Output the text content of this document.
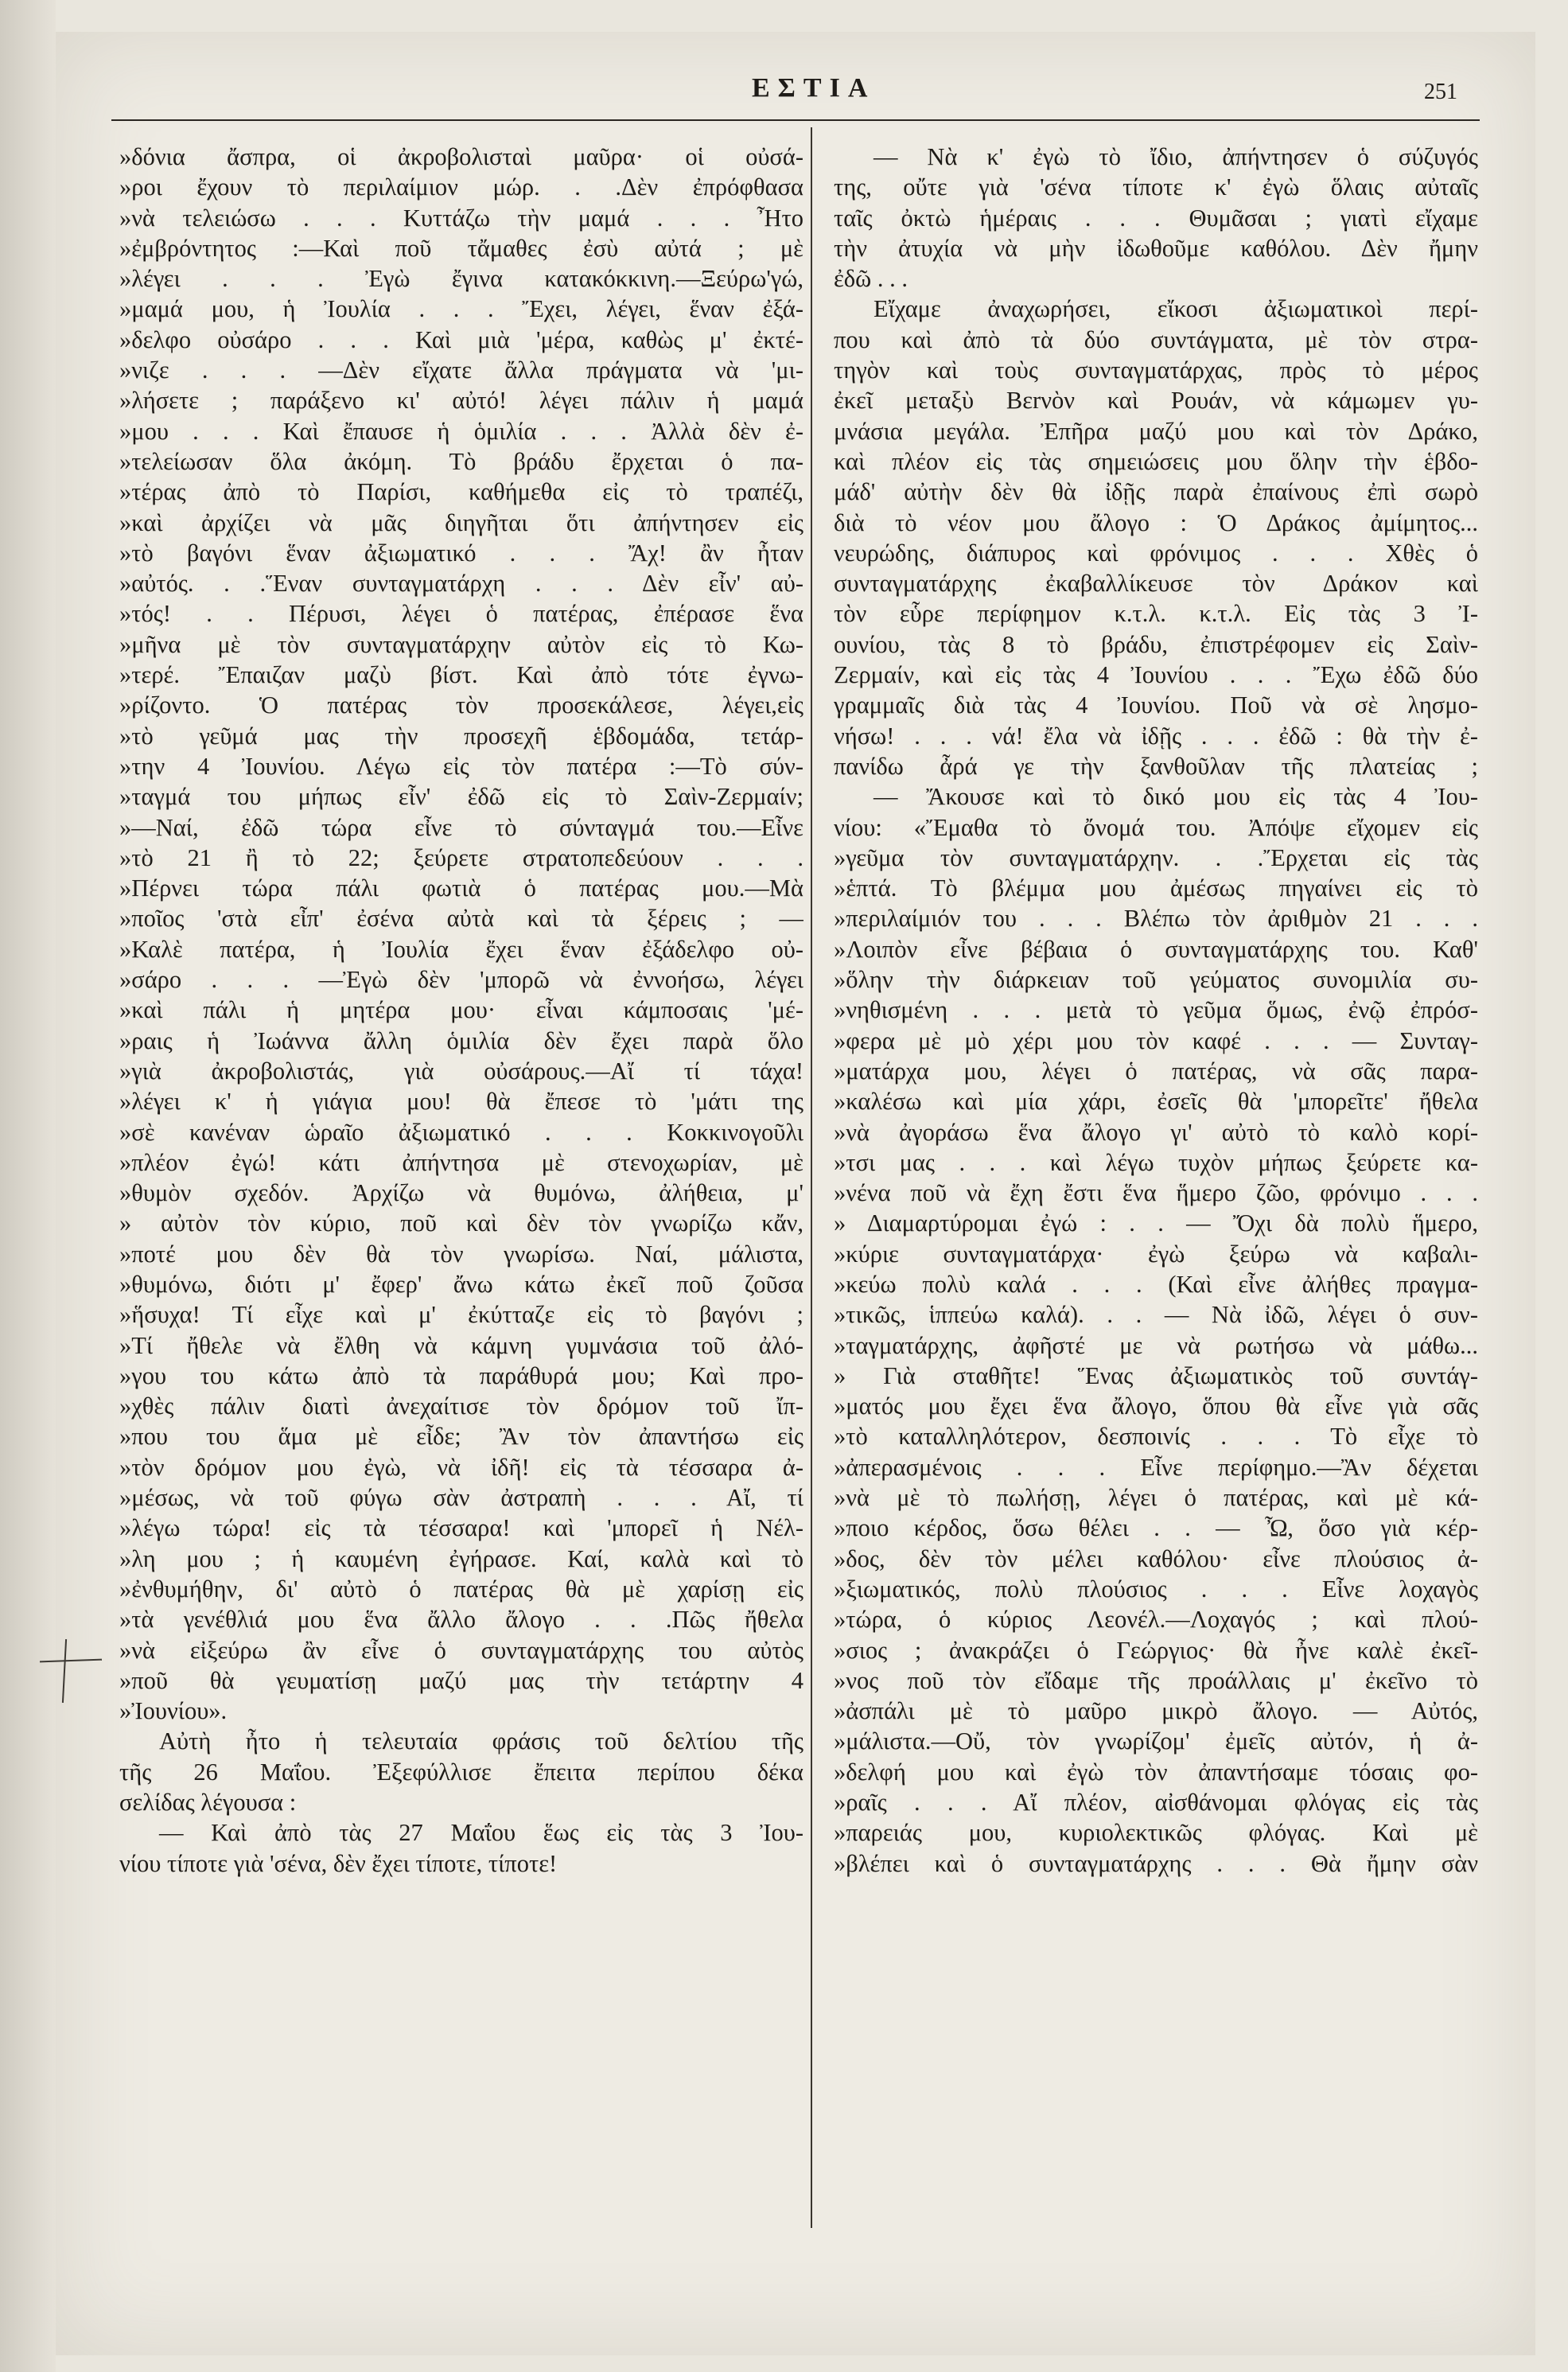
ΕΣΤΙΑ	251
»δόνια ἄσπρα, οἱ ἀκροβολισταὶ μαῦρα· οἱ οὐσά-
»ροι ἔχουν τὸ περιλαίμιον μώρ. . .Δὲν ἐπρόφθασα
»νὰ τελειώσω . . . Κυττάζω τὴν μαμά . . . Ἦτο
»ἐμβρόντητος :—Καὶ ποῦ τἄμαθες ἐσὺ αὐτά ; μὲ
»λέγει . . . Ἐγὼ ἔγινα κατακόκκινη.—Ξεύρω'γώ,
»μαμά μου, ἡ Ἰουλία . . . Ἔχει, λέγει, ἕναν ἐξά-
»δελφο οὐσάρο . . . Καὶ μιὰ 'μέρα, καθὼς μ' ἐκτέ-
»νιζε . . . —Δὲν εἴχατε ἄλλα πράγματα νὰ 'μι-
»λήσετε ; παράξενο κι' αὐτό! λέγει πάλιν ἡ μαμά
»μου . . . Καὶ ἔπαυσε ἡ ὁμιλία . . . Ἀλλὰ δὲν ἐ-
»τελείωσαν ὅλα ἀκόμη. Τὸ βράδυ ἔρχεται ὁ πα-
»τέρας ἀπὸ τὸ Παρίσι, καθήμεθα εἰς τὸ τραπέζι,
»καὶ ἀρχίζει νὰ μᾶς διηγῆται ὅτι ἀπήντησεν εἰς
»τὸ βαγόνι ἕναν ἀξιωματικό . . . Ἄχ! ἂν ἦταν
»αὐτός. . .Ἕναν συνταγματάρχη . . . Δὲν εἶν' αὐ-
»τός! . . Πέρυσι, λέγει ὁ πατέρας, ἐπέρασε ἕνα
»μῆνα μὲ τὸν συνταγματάρχην αὐτὸν εἰς τὸ Κω-
»τερέ. Ἔπαιζαν μαζὺ βίστ. Καὶ ἀπὸ τότε ἐγνω-
»ρίζοντο. Ὁ πατέρας τὸν προσεκάλεσε, λέγει,εἰς
»τὸ γεῦμά μας τὴν προσεχῆ ἑβδομάδα, τετάρ-
»την 4 Ἰουνίου. Λέγω εἰς τὸν πατέρα :—Τὸ σύν-
»ταγμά του μήπως εἶν' ἐδῶ εἰς τὸ Σαὶν-Ζερμαίν;
»—Ναί, ἐδῶ τώρα εἶνε τὸ σύνταγμά του.—Εἶνε
»τὸ 21 ἢ τὸ 22; ξεύρετε στρατοπεδεύουν . . .
»Πέρνει τώρα πάλι φωτιὰ ὁ πατέρας μου.—Μὰ
»ποῖος 'στὰ εἶπ' ἐσένα αὐτὰ καὶ τὰ ξέρεις ; —
»Καλὲ πατέρα, ἡ Ἰουλία ἔχει ἕναν ἐξάδελφο οὐ-
»σάρο . . . —Ἐγὼ δὲν 'μπορῶ νὰ ἐννοήσω, λέγει
»καὶ πάλι ἡ μητέρα μου· εἶναι κάμποσαις 'μέ-
»ραις ἡ Ἰωάννα ἄλλη ὁμιλία δὲν ἔχει παρὰ ὅλο
»γιὰ ἀκροβολιστάς, γιὰ οὐσάρους.—Αἴ τί τάχα!
»λέγει κ' ἡ γιάγια μου! θὰ ἔπεσε τὸ 'μάτι της
»σὲ κανέναν ὡραῖο ἀξιωματικό . . . Κοκκινογοῦλι
»πλέον ἐγώ! κάτι ἀπήντησα μὲ στενοχωρίαν, μὲ
»θυμὸν σχεδόν. Ἀρχίζω νὰ θυμόνω, ἀλήθεια, μ'
» αὐτὸν τὸν κύριο, ποῦ καὶ δὲν τὸν γνωρίζω κἄν,
»ποτέ μου δὲν θὰ τὸν γνωρίσω. Ναί, μάλιστα,
»θυμόνω, διότι μ' ἔφερ' ἄνω κάτω ἐκεῖ ποῦ ζοῦσα
»ἥσυχα! Τί εἶχε καὶ μ' ἐκύτταζε εἰς τὸ βαγόνι ;
»Τί ἤθελε νὰ ἔλθη νὰ κάμνη γυμνάσια τοῦ ἀλό-
»γου του κάτω ἀπὸ τὰ παράθυρά μου; Καὶ προ-
»χθὲς πάλιν διατὶ ἀνεχαίτισε τὸν δρόμον τοῦ ἴπ-
»που του ἅμα μὲ εἶδε; Ἂν τὸν ἀπαντήσω εἰς
»τὸν δρόμον μου ἐγὼ, νὰ ἰδῆ! εἰς τὰ τέσσαρα ἀ-
»μέσως, νὰ τοῦ φύγω σὰν ἀστραπὴ . . . Αἴ, τί
»λέγω τώρα! εἰς τὰ τέσσαρα! καὶ 'μπορεῖ ἡ Νέλ-
»λη μου ; ἡ καυμένη ἐγήρασε. Καί, καλὰ καὶ τὸ
»ἐνθυμήθην, δι' αὐτὸ ὁ πατέρας θὰ μὲ χαρίσῃ εἰς
»τὰ γενέθλιά μου ἕνα ἄλλο ἄλογο . . .Πῶς ἤθελα
»νὰ εἰξεύρω ἂν εἶνε ὁ συνταγματάρχης του αὐτὸς
»ποῦ θὰ γευματίσῃ μαζύ μας τὴν τετάρτην 4
»Ἰουνίου».
Αὐτὴ ἦτο ἡ τελευταία φράσις τοῦ δελτίου τῆς
τῆς 26 Μαΐου. Ἐξεφύλλισε ἔπειτα περίπου δέκα
σελίδας λέγουσα :
— Καὶ ἀπὸ τὰς 27 Μαΐου ἕως εἰς τὰς 3 Ἰου-
νίου τίποτε γιὰ 'σένα, δὲν ἔχει τίποτε, τίποτε!
— Νὰ κ' ἐγὼ τὸ ἴδιο, ἀπήντησεν ὁ σύζυγός
της, οὔτε γιὰ 'σένα τίποτε κ' ἐγὼ ὅλαις αὐταῖς
ταῖς ὀκτὼ ἡμέραις . . . Θυμᾶσαι ; γιατὶ εἴχαμε
τὴν ἀτυχία νὰ μὴν ἰδωθοῦμε καθόλου. Δὲν ἤμην
ἐδῶ . . .
Εἴχαμε ἀναχωρήσει, εἴκοσι ἀξιωματικοὶ περί-
που καὶ ἀπὸ τὰ δύο συντάγματα, μὲ τὸν στρα-
τηγὸν καὶ τοὺς συνταγματάρχας, πρὸς τὸ μέρος
ἐκεῖ μεταξὺ Βεrνὸν καὶ Ρουάν, νὰ κάμωμεν γυ-
μνάσια μεγάλα. Ἐπῆρα μαζύ μου καὶ τὸν Δράκο,
καὶ πλέον εἰς τὰς σημειώσεις μου ὅλην τὴν ἑβδο-
μάδ' αὐτὴν δὲν θὰ ἰδῇς παρὰ ἐπαίνους ἐπὶ σωρὸ
διὰ τὸ νέον μου ἄλογο : Ὁ Δράκος ἀμίμητος...
νευρώδης, διάπυρος καὶ φρόνιμος . . . Χθὲς ὁ
συνταγματάρχης ἐκαβαλλίκευσε τὸν Δράκον καὶ
τὸν εὗρε περίφημον κ.τ.λ. κ.τ.λ. Εἰς τὰς 3 Ἰ-
ουνίου, τὰς 8 τὸ βράδυ, ἐπιστρέφομεν εἰς Σαὶν-
Ζερμαίν, καὶ εἰς τὰς 4 Ἰουνίου . . . Ἔχω ἐδῶ δύο
γραμμαῖς διὰ τὰς 4 Ἰουνίου. Ποῦ νὰ σὲ λησμο-
νήσω! . . . νά! ἔλα νὰ ἰδῇς . . . ἐδῶ : θὰ τὴν ἐ-
πανίδω ἆρά γε τὴν ξανθοῦλαν τῆς πλατείας ;
— Ἄκουσε καὶ τὸ δικό μου εἰς τὰς 4 Ἰου-
νίου: «Ἔμαθα τὸ ὄνομά του. Ἀπόψε εἴχομεν εἰς
»γεῦμα τὸν συνταγματάρχην. . .Ἔρχεται εἰς τὰς
»ἑπτά. Τὸ βλέμμα μου ἀμέσως πηγαίνει εἰς τὸ
»περιλαίμιόν του . . . Βλέπω τὸν ἀριθμὸν 21 . . .
»Λοιπὸν εἶνε βέβαια ὁ συνταγματάρχης του. Καθ'
»ὅλην τὴν διάρκειαν τοῦ γεύματος συνομιλία συ-
»νηθισμένη . . . μετὰ τὸ γεῦμα ὅμως, ἐνῷ ἐπρόσ-
»φερα μὲ μὸ χέρι μου τὸν καφέ . . . — Συνταγ-
»ματάρχα μου, λέγει ὁ πατέρας, νὰ σᾶς παρα-
»καλέσω καὶ μία χάρι, ἐσεῖς θὰ 'μπορεῖτε' ἤθελα
»νὰ ἀγοράσω ἕνα ἄλογο γι' αὐτὸ τὸ καλὸ κορί-
»τσι μας . . . καὶ λέγω τυχὸν μήπως ξεύρετε κα-
»νένα ποῦ νὰ ἔχη ἔστι ἕνα ἥμερο ζῶο, φρόνιμο . . .
» Διαμαρτύρομαι ἐγώ : . . — Ὄχι δὰ πολὺ ἥμερο,
»κύριε συνταγματάρχα· ἐγὼ ξεύρω νὰ καβαλι-
»κεύω πολὺ καλά . . . (Καὶ εἶνε ἀλήθες πραγμα-
»τικῶς, ἱππεύω καλά). . . — Νὰ ἰδῶ, λέγει ὁ συν-
»ταγματάρχης, ἀφῆστέ με νὰ ρωτήσω νὰ μάθω...
» Γιὰ σταθῆτε! Ἕνας ἀξιωματικὸς τοῦ συντάγ-
»ματός μου ἔχει ἕνα ἄλογο, ὅπου θὰ εἶνε γιὰ σᾶς
»τὸ καταλληλότερον, δεσποινίς . . . Τὸ εἶχε τὸ
»ἀπερασμένοις . . . Εἶνε περίφημο.—Ἂν δέχεται
»νὰ μὲ τὸ πωλήσῃ, λέγει ὁ πατέρας, καὶ μὲ κά-
»ποιο κέρδος, ὅσω θέλει . . — Ὦ, ὅσο γιὰ κέρ-
»δος, δὲν τὸν μέλει καθόλου· εἶνε πλούσιος ἀ-
»ξιωματικός, πολὺ πλούσιος . . . Εἶνε λοχαγὸς
»τώρα, ὁ κύριος Λεονέλ.—Λοχαγός ; καὶ πλού-
»σιος ; ἀνακράζει ὁ Γεώργιος· θὰ ἦνε καλὲ ἐκεῖ-
»νος ποῦ τὸν εἴδαμε τῆς προάλλαις μ' ἐκεῖνο τὸ
»ἀσπάλι μὲ τὸ μαῦρο μικρὸ ἄλογο. — Αὐτός,
»μάλιστα.—Οὔ, τὸν γνωρίζομ' ἐμεῖς αὐτόν, ἡ ἀ-
»δελφή μου καὶ ἐγὼ τὸν ἀπαντήσαμε τόσαις φο-
»ραῖς . . . Αἴ πλέον, αἰσθάνομαι φλόγας εἰς τὰς
»παρειάς μου, κυριολεκτικῶς φλόγας. Καὶ μὲ
»βλέπει καὶ ὁ συνταγματάρχης . . . Θὰ ἤμην σὰν
